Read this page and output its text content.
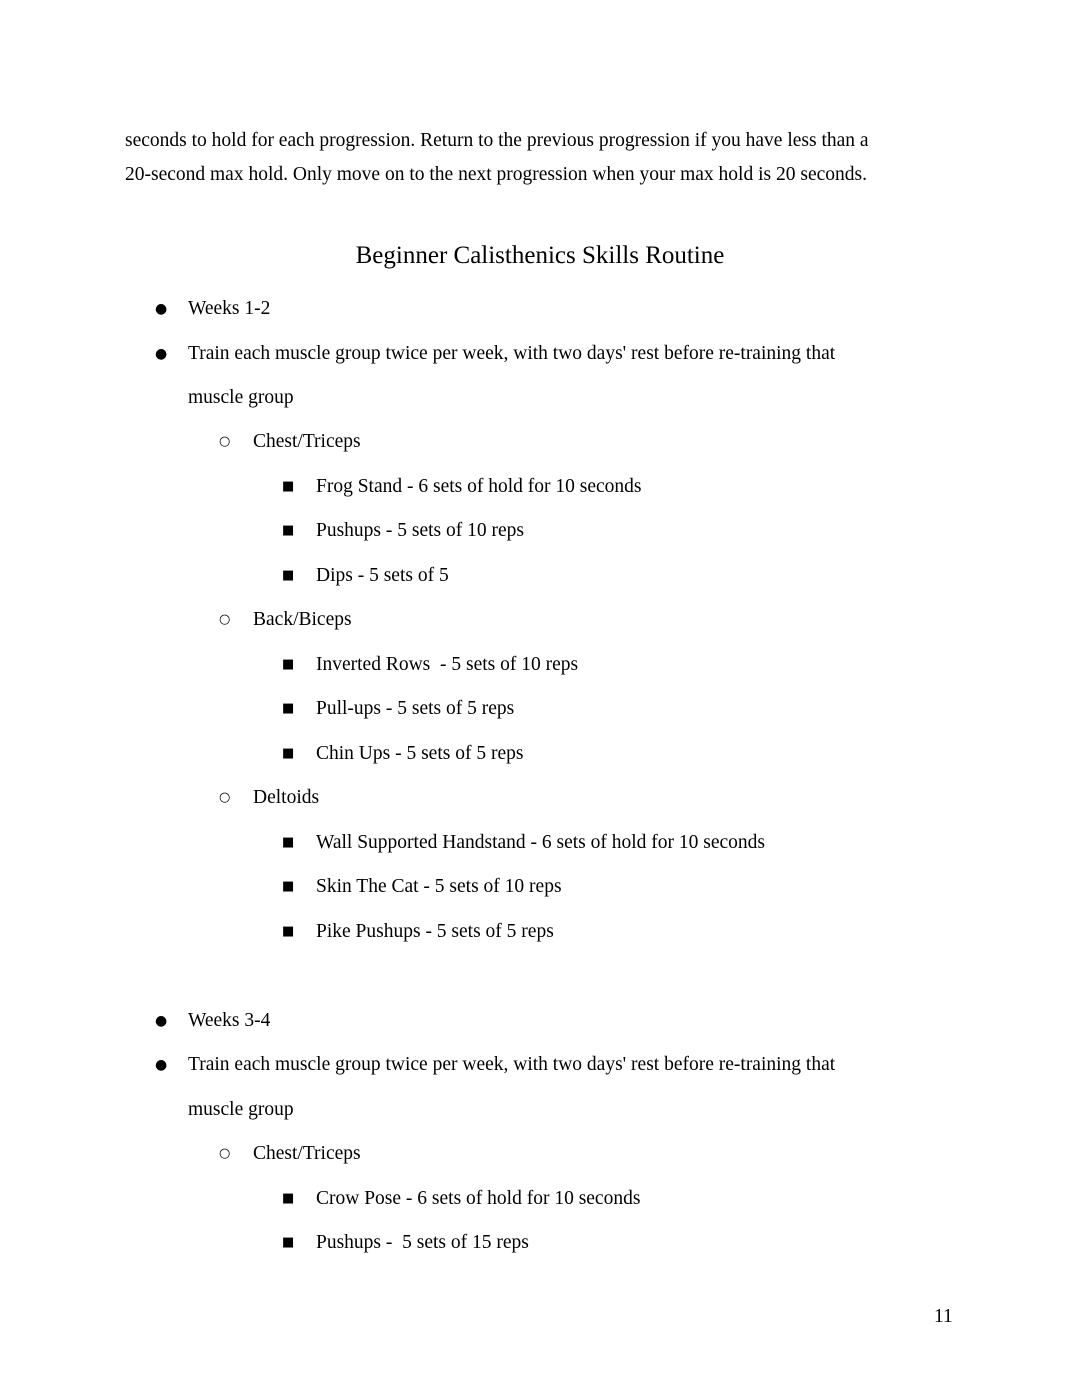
seconds to hold for each progression. Return to the previous progression if you have less than a
20-second max hold. Only move on to the next progression when your max hold is 20 seconds.

Beginner Calisthenics Skills Routine
● Weeks 1-2
● Train each muscle group twice per week, with two days' rest before re-training that
muscle group
○ Chest/Triceps
■ Frog Stand - 6 sets of hold for 10 seconds
■ Pushups - 5 sets of 10 reps
■ Dips - 5 sets of 5
○ Back/Biceps
■ Inverted Rows  - 5 sets of 10 reps
■ Pull-ups - 5 sets of 5 reps
■ Chin Ups - 5 sets of 5 reps
○ Deltoids
■ Wall Supported Handstand - 6 sets of hold for 10 seconds
■ Skin The Cat - 5 sets of 10 reps
■ Pike Pushups - 5 sets of 5 reps
● Weeks 3-4
● Train each muscle group twice per week, with two days' rest before re-training that
muscle group
○ Chest/Triceps
■ Crow Pose - 6 sets of hold for 10 seconds
■ Pushups -  5 sets of 15 reps
11
